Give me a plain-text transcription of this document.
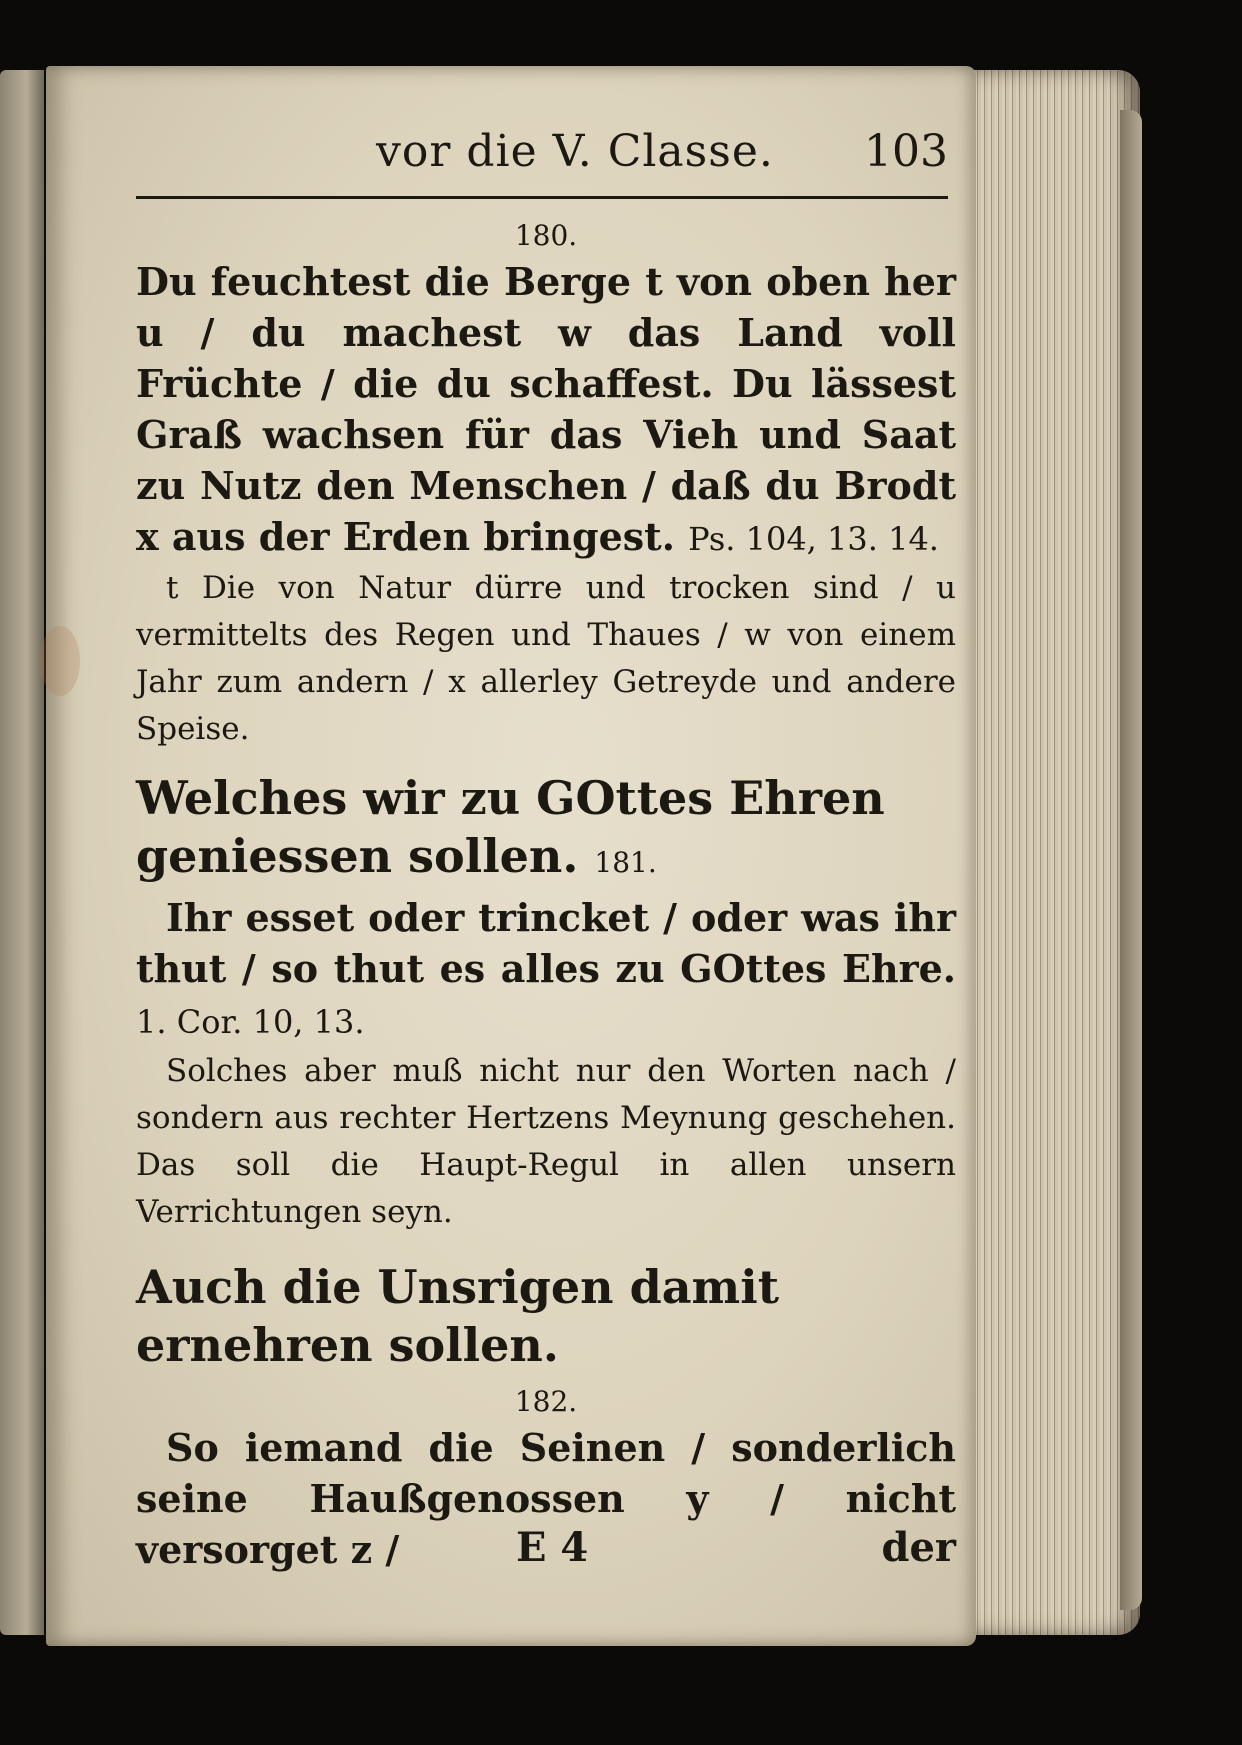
vor die V. Classe. 103

180.

Du feuchtest die Berge t von oben her u / du machest w das Land voll Früchte / die du schaffest. Du lässest Graß wachsen für das Vieh und Saat zu Nutz den Menschen / daß du Brodt x aus der Erden bringest. Ps. 104, 13. 14.

t Die von Natur dürre und trocken sind / u vermittelts des Regen und Thaues / w von einem Jahr zum andern / x allerley Getreyde und andere Speise.

Welches wir zu GOttes Ehren geniessen sollen. 181.

Ihr esset oder trincket / oder was ihr thut / so thut es alles zu GOttes Ehre. 1. Cor. 10, 13.

Solches aber muß nicht nur den Worten nach / sondern aus rechter Hertzens Meynung geschehen. Das soll die Haupt-Regul in allen unsern Verrichtungen seyn.

Auch die Unsrigen damit ernehren sollen.

182.

So iemand die Seinen / sonderlich seine Haußgenossen y / nicht versorget z /	E 4	der
